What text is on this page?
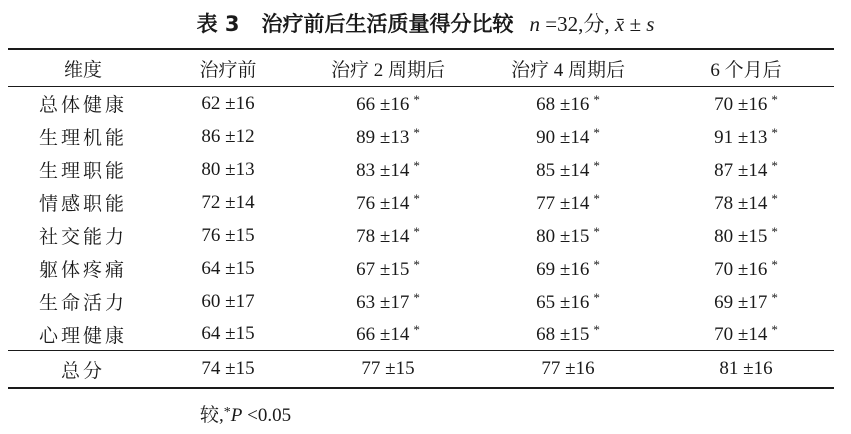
表 3 治疗前后生活质量得分比较 n =32,分, x̄ ± s
维度	治疗前	治疗 2 周期后	治疗 4 周期后	6 个月后
总体健康	62 ±16	66 ±16 *	68 ±16 *	70 ±16 *
生理机能	86 ±12	89 ±13 *	90 ±14 *	91 ±13 *
生理职能	80 ±13	83 ±14 *	85 ±14 *	87 ±14 *
情感职能	72 ±14	76 ±14 *	77 ±14 *	78 ±14 *
社交能力	76 ±15	78 ±14 *	80 ±15 *	80 ±15 *
躯体疼痛	64 ±15	67 ±15 *	69 ±16 *	70 ±16 *
生命活力	60 ±17	63 ±17 *	65 ±16 *	69 ±17 *
心理健康	64 ±15	66 ±14 *	68 ±15 *	70 ±14 *
总分	74 ±15	77 ±15	77 ±16	81 ±16
较,*P <0.05
